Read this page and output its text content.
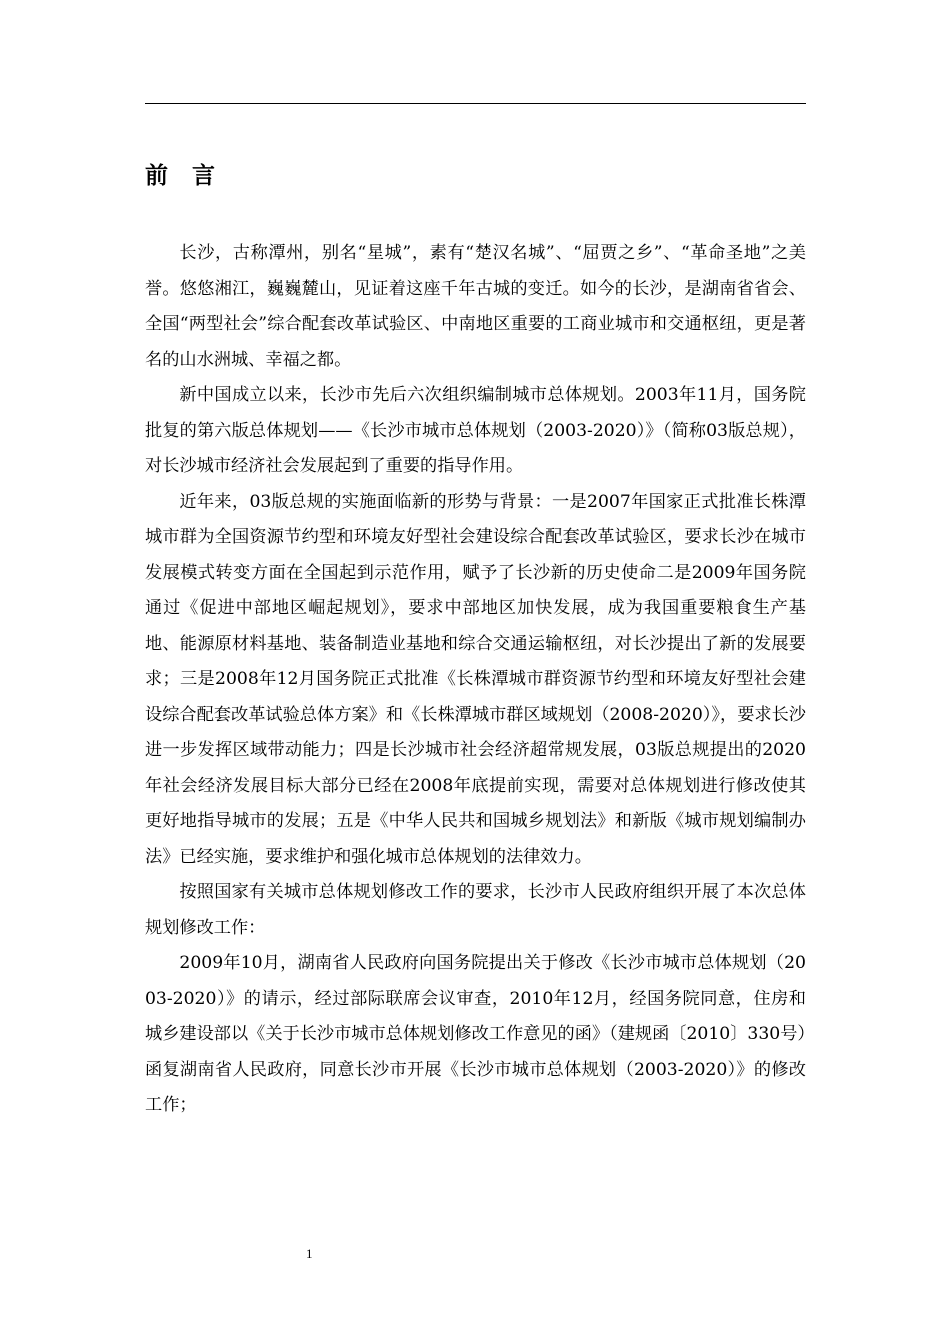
前 言

长沙，古称潭州，别名“星城”，素有“楚汉名城”、“屈贾之乡”、“革命圣地”之美誉。悠悠湘江，巍巍麓山，见证着这座千年古城的变迁。如今的长沙，是湖南省省会、全国“两型社会”综合配套改革试验区、中南地区重要的工商业城市和交通枢纽，更是著名的山水洲城、幸福之都。

新中国成立以来，长沙市先后六次组织编制城市总体规划。2003年11月，国务院批复的第六版总体规划——《长沙市城市总体规划（2003-2020）》（简称03版总规），对长沙城市经济社会发展起到了重要的指导作用。

近年来，03版总规的实施面临新的形势与背景：一是2007年国家正式批准长株潭城市群为全国资源节约型和环境友好型社会建设综合配套改革试验区，要求长沙在城市发展模式转变方面在全国起到示范作用，赋予了长沙新的历史使命二是2009年国务院通过《促进中部地区崛起规划》，要求中部地区加快发展，成为我国重要粮食生产基地、能源原材料基地、装备制造业基地和综合交通运输枢纽，对长沙提出了新的发展要求；三是2008年12月国务院正式批准《长株潭城市群资源节约型和环境友好型社会建设综合配套改革试验总体方案》和《长株潭城市群区域规划（2008-2020）》，要求长沙进一步发挥区域带动能力；四是长沙城市社会经济超常规发展，03版总规提出的2020年社会经济发展目标大部分已经在2008年底提前实现，需要对总体规划进行修改使其更好地指导城市的发展；五是《中华人民共和国城乡规划法》和新版《城市规划编制办法》已经实施，要求维护和强化城市总体规划的法律效力。

按照国家有关城市总体规划修改工作的要求，长沙市人民政府组织开展了本次总体规划修改工作：

2009年10月，湖南省人民政府向国务院提出关于修改《长沙市城市总体规划（2003-2020）》的请示，经过部际联席会议审查，2010年12月，经国务院同意，住房和城乡建设部以《关于长沙市城市总体规划修改工作意见的函》（建规函〔2010〕330号）函复湖南省人民政府，同意长沙市开展《长沙市城市总体规划（2003-2020）》的修改工作；

1
